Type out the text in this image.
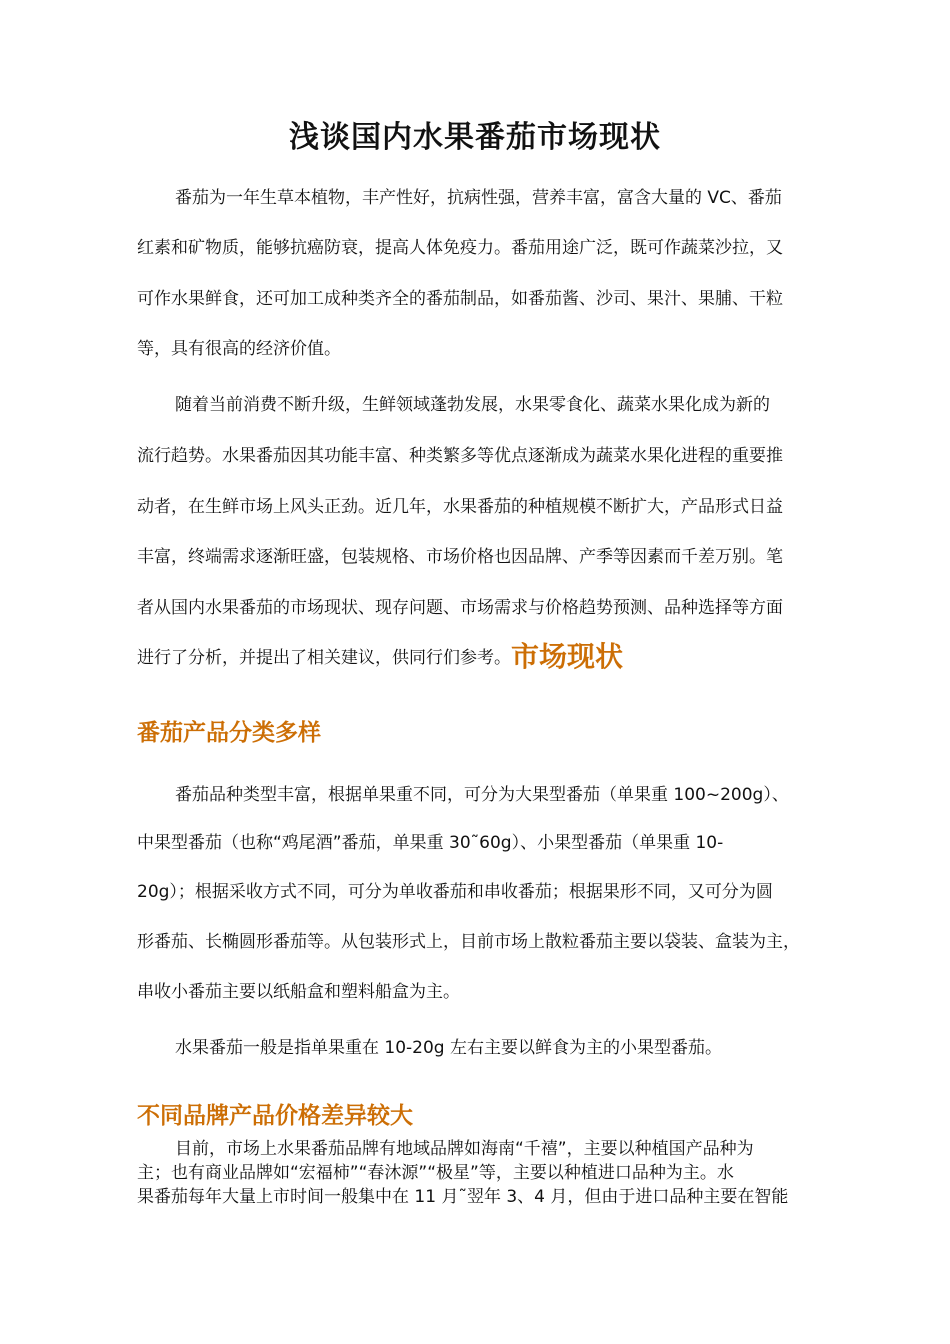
浅谈国内水果番茄市场现状
番茄为一年生草本植物，丰产性好，抗病性强，营养丰富，富含大量的 VC、番茄
红素和矿物质，能够抗癌防衰，提高人体免疫力。番茄用途广泛，既可作蔬菜沙拉，又
可作水果鲜食，还可加工成种类齐全的番茄制品，如番茄酱、沙司、果汁、果脯、干粒
等，具有很高的经济价值。
随着当前消费不断升级，生鲜领域蓬勃发展，水果零食化、蔬菜水果化成为新的
流行趋势。水果番茄因其功能丰富、种类繁多等优点逐渐成为蔬菜水果化进程的重要推
动者，在生鲜市场上风头正劲。近几年，水果番茄的种植规模不断扩大，产品形式日益
丰富，终端需求逐渐旺盛，包装规格、市场价格也因品牌、产季等因素而千差万别。笔
者从国内水果番茄的市场现状、现存问题、市场需求与价格趋势预测、品种选择等方面
进行了分析，并提出了相关建议，供同行们参考。市场现状
番茄产品分类多样
番茄品种类型丰富，根据单果重不同，可分为大果型番茄（单果重 100~200g）、
中果型番茄（也称“鸡尾酒”番茄，单果重 30˜60g）、小果型番茄（单果重 10-
20g）；根据采收方式不同，可分为单收番茄和串收番茄；根据果形不同，又可分为圆
形番茄、长椭圆形番茄等。从包装形式上，目前市场上散粒番茄主要以袋装、盒装为主，
串收小番茄主要以纸船盒和塑料船盒为主。
水果番茄一般是指单果重在 10-20g 左右主要以鲜食为主的小果型番茄。
不同品牌产品价格差异较大
目前，市场上水果番茄品牌有地域品牌如海南“千禧”，主要以种植国产品种为
主；也有商业品牌如“宏福柿”“春沐源”“极星”等，主要以种植进口品种为主。水
果番茄每年大量上市时间一般集中在 11 月˜翌年 3、4 月，但由于进口品种主要在智能
